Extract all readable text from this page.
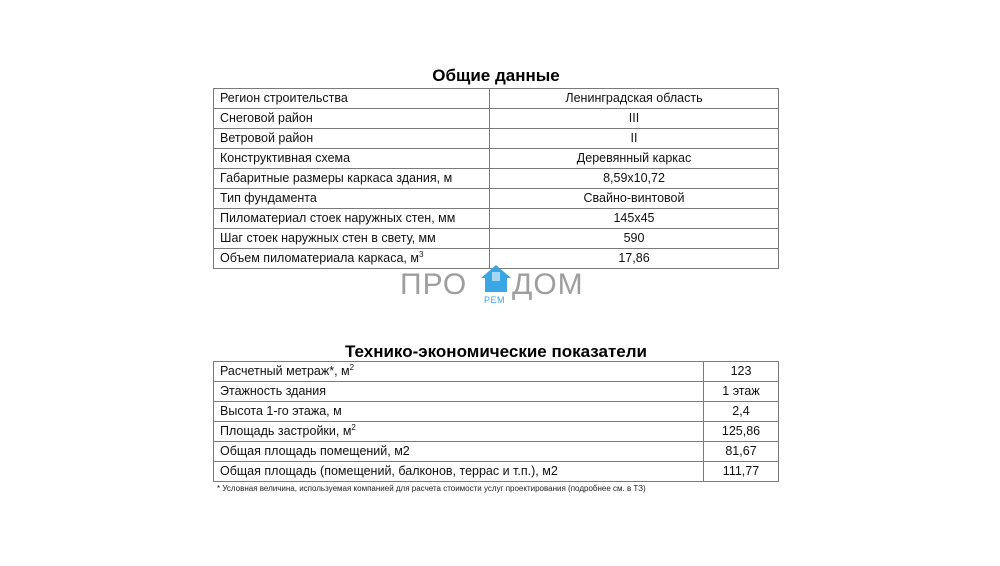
Общие данные
Регион строительства	Ленинградская область
Снеговой район	III
Ветровой район	II
Конструктивная схема	Деревянный каркас
Габаритные размеры каркаса здания, м	8,59x10,72
Тип фундамента	Свайно-винтовой
Пиломатериал стоек наружных стен, мм	145x45
Шаг стоек наружных стен в свету, мм	590
Объем пиломатериала каркаса, $м^3$	17,86
ПРО РЕМ ДОМ
Технико-экономические показатели
Расчетный метраж*, $м^2$	123
Этажность здания	1 этаж
Высота 1-го этажа, м	2,4
Площадь застройки, $м^2$	125,86
Общая площадь помещений, м2	81,67
Общая площадь (помещений, балконов, террас и т.п.), м2	111,77
* Условная величина, используемая компанией для расчета стоимости услуг проектирования (подробнее см. в ТЗ)
